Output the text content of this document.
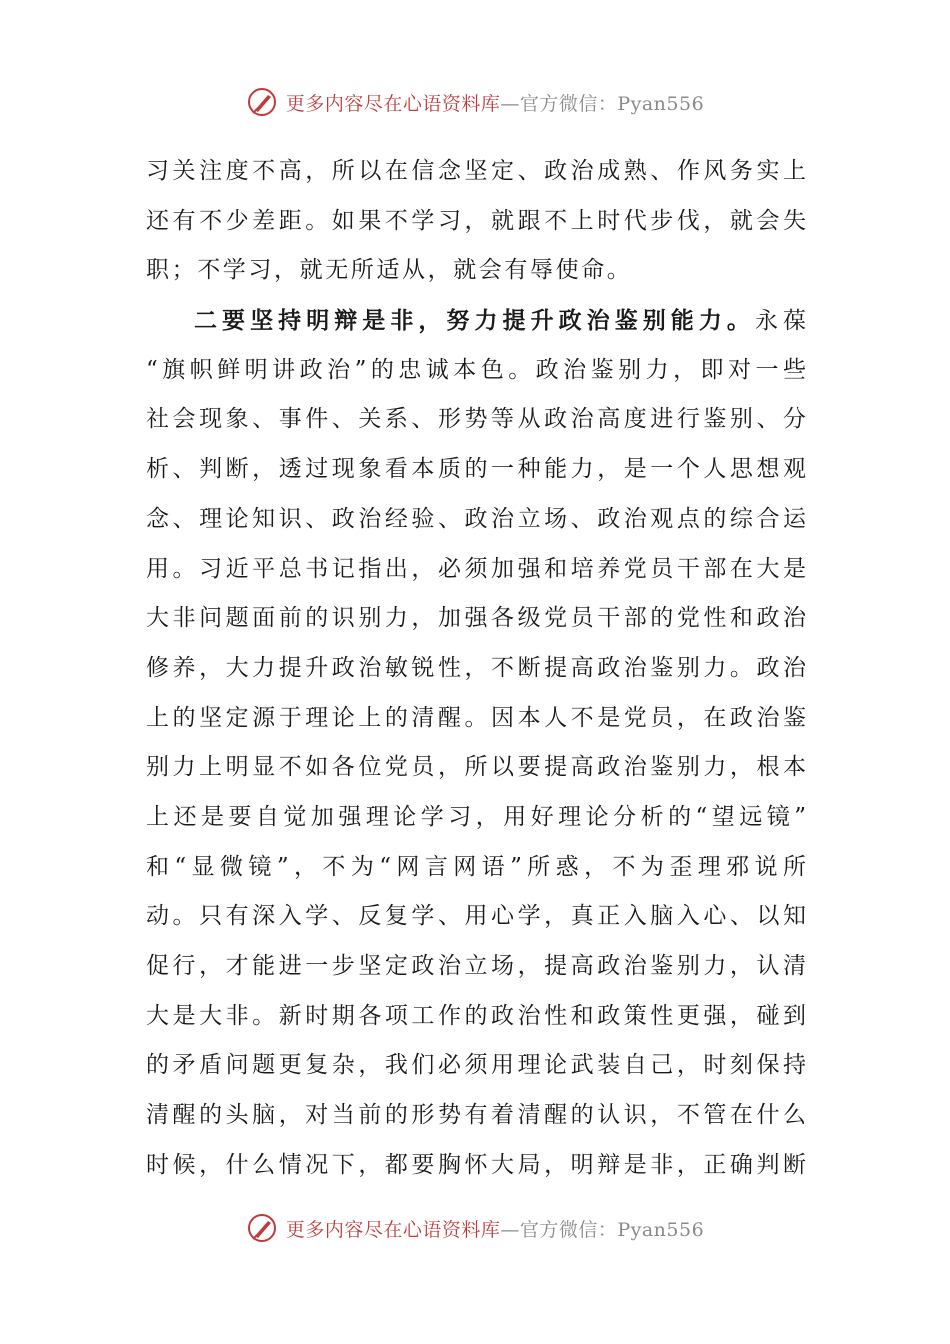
更多内容尽在心语资料库—官方微信：Pyan556
习关注度不高，所以在信念坚定、政治成熟、作风务实上
还有不少差距。如果不学习，就跟不上时代步伐，就会失
职；不学习，就无所适从，就会有辱使命。
二要坚持明辩是非，努力提升政治鉴别能力。永葆
“旗帜鲜明讲政治”的忠诚本色。政治鉴别力，即对一些
社会现象、事件、关系、形势等从政治高度进行鉴别、分
析、判断，透过现象看本质的一种能力，是一个人思想观
念、理论知识、政治经验、政治立场、政治观点的综合运
用。习近平总书记指出，必须加强和培养党员干部在大是
大非问题面前的识别力，加强各级党员干部的党性和政治
修养，大力提升政治敏锐性，不断提高政治鉴别力。政治
上的坚定源于理论上的清醒。因本人不是党员，在政治鉴
别力上明显不如各位党员，所以要提高政治鉴别力，根本
上还是要自觉加强理论学习，用好理论分析的“望远镜”
和“显微镜”，不为“网言网语”所惑，不为歪理邪说所
动。只有深入学、反复学、用心学，真正入脑入心、以知
促行，才能进一步坚定政治立场，提高政治鉴别力，认清
大是大非。新时期各项工作的政治性和政策性更强，碰到
的矛盾问题更复杂，我们必须用理论武装自己，时刻保持
清醒的头脑，对当前的形势有着清醒的认识，不管在什么
时候，什么情况下，都要胸怀大局，明辩是非，正确判断
更多内容尽在心语资料库—官方微信：Pyan556
